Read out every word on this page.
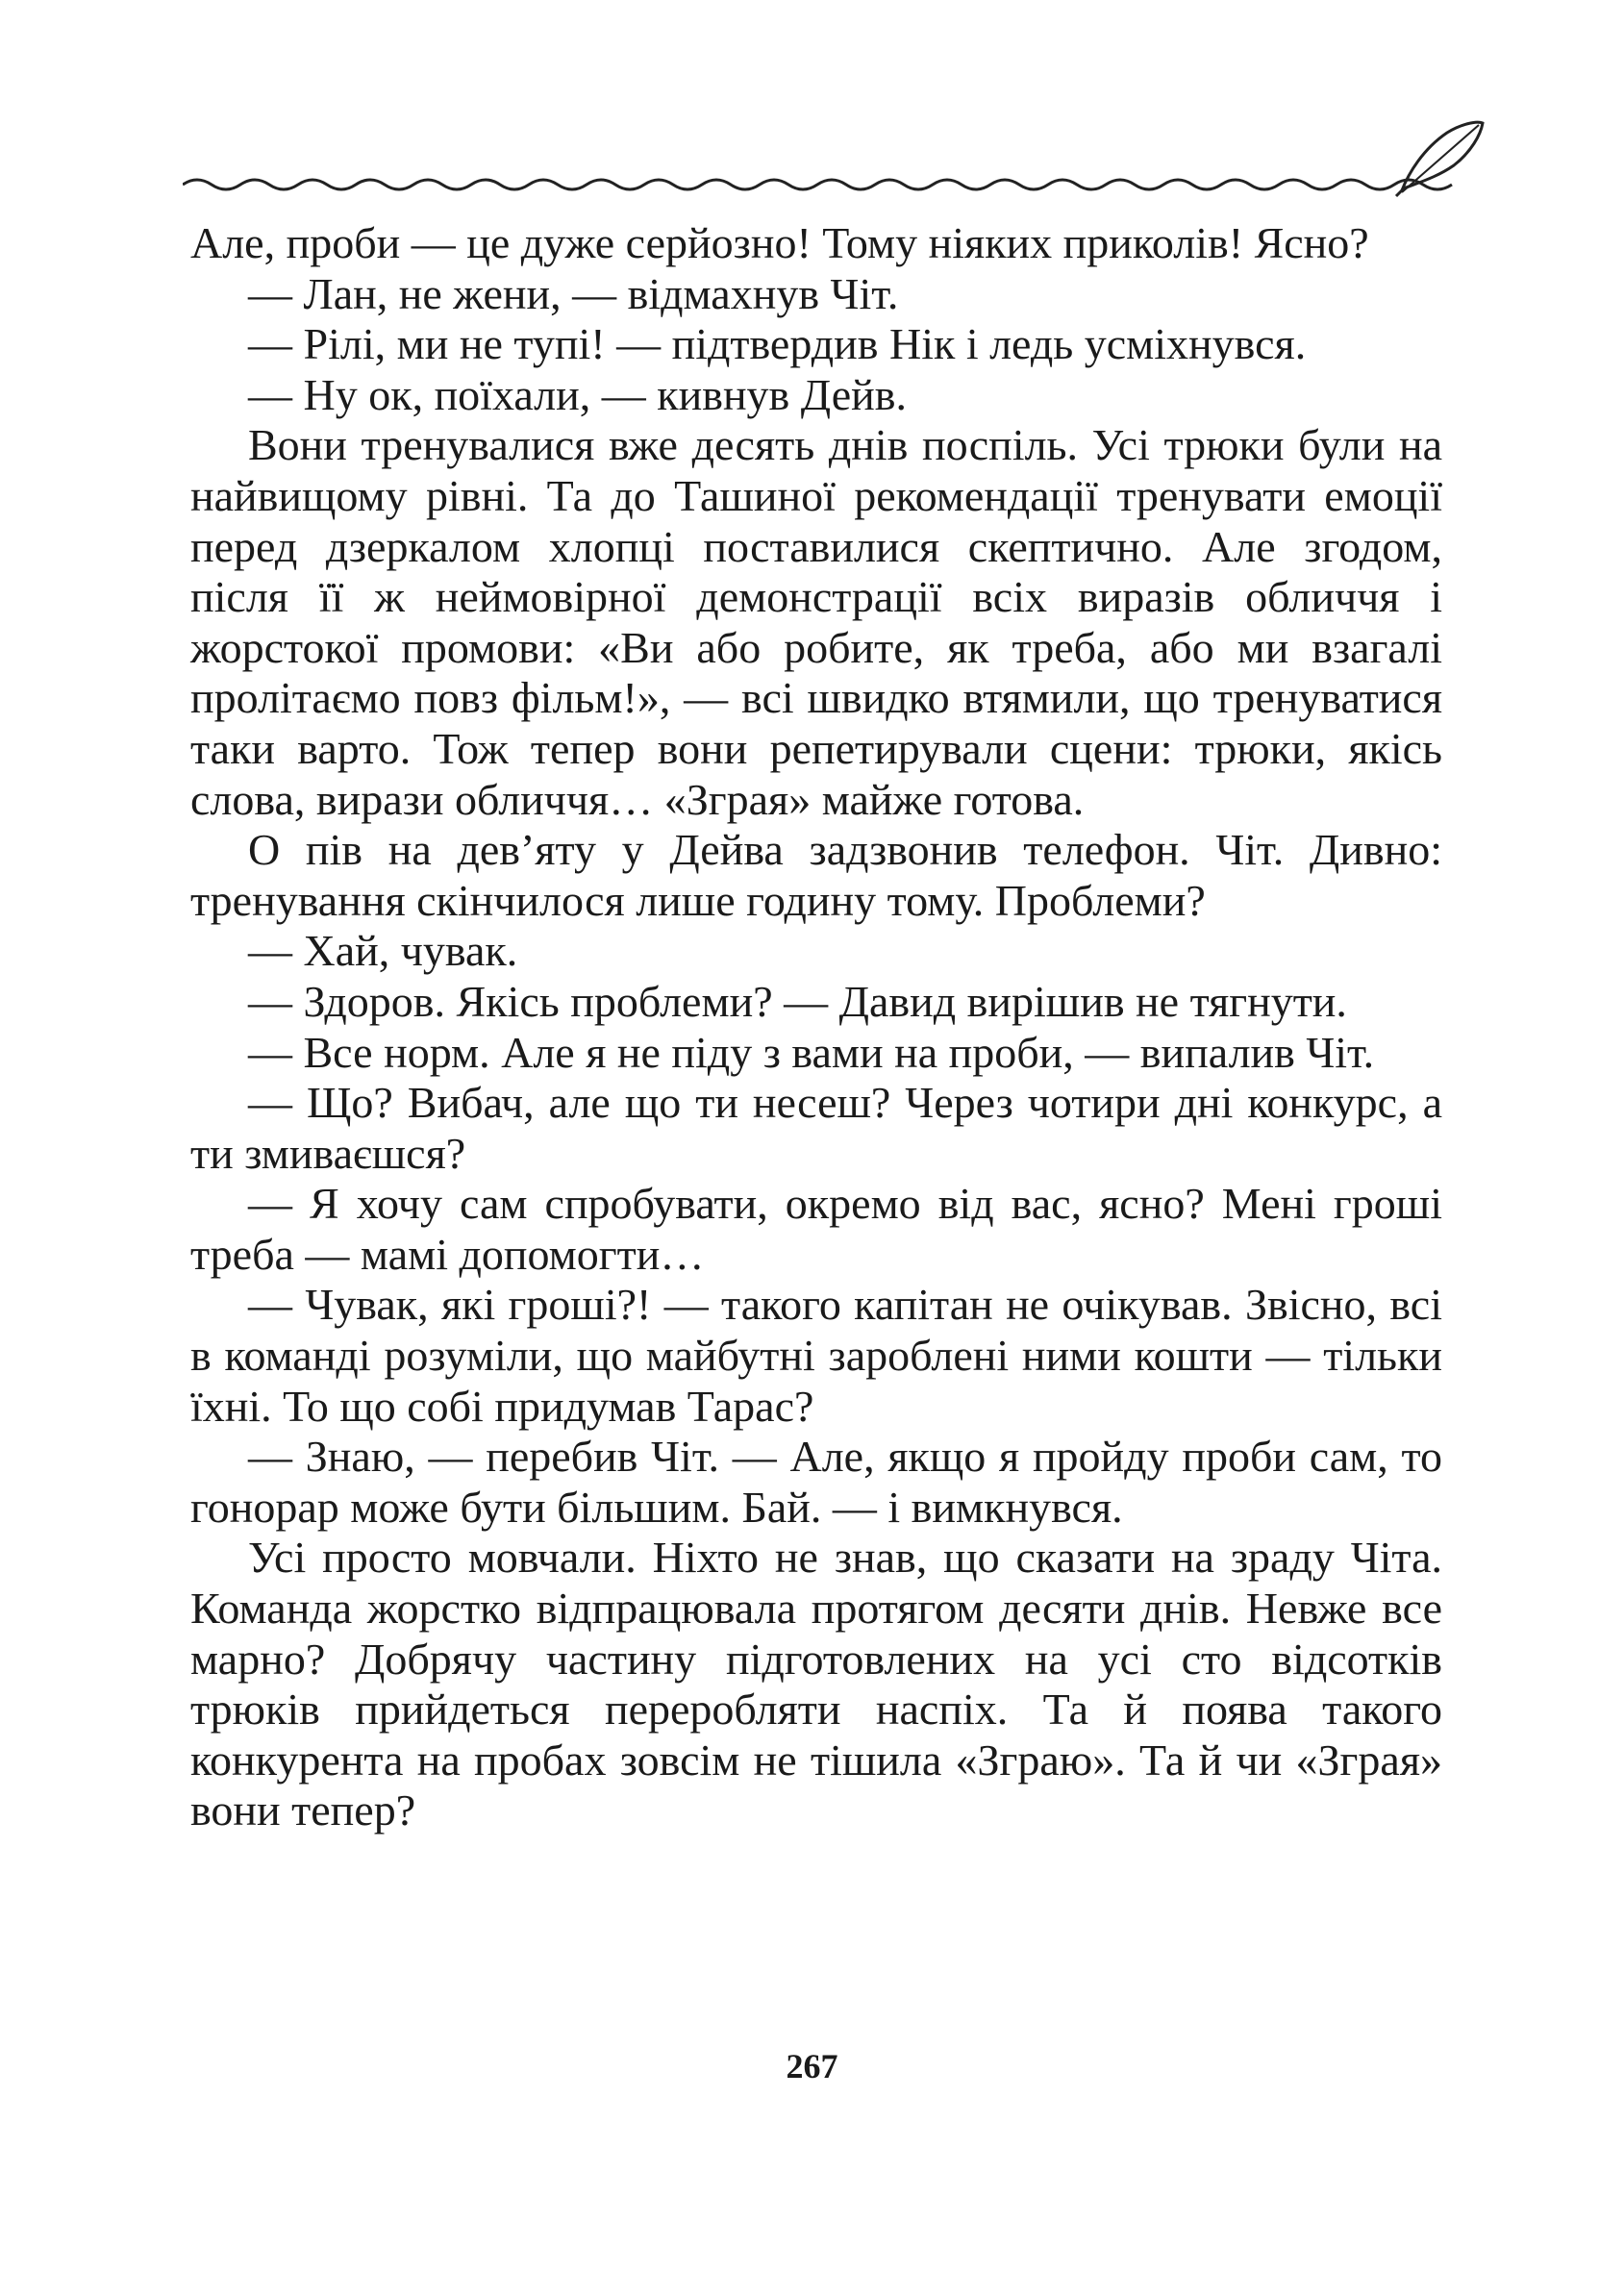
Але, проби — це дуже серйозно! Тому ніяких приколів! Ясно?

— Лан, не жени, — відмахнув Чіт.

— Рілі, ми не тупі! — підтвердив Нік і ледь усміхнувся.

— Ну ок, поїхали, — кивнув Дейв.

Вони тренувалися вже десять днів поспіль. Усі трюки були на найвищому рівні. Та до Ташиної рекомендації тренувати емоції перед дзеркалом хлопці поставилися скептично. Але згодом, після її ж неймовірної демонстрації всіх виразів обличчя і жорстокої промови: «Ви або робите, як треба, або ми взагалі пролітаємо повз фільм!», — всі швидко втямили, що тренуватися таки варто. Тож тепер вони репетирували сцени: трюки, якісь слова, вирази обличчя… «Зграя» майже готова.

О пів на дев’яту у Дейва задзвонив телефон. Чіт. Дивно: тренування скінчилося лише годину тому. Проблеми?

— Хай, чувак.

— Здоров. Якісь проблеми? — Давид вирішив не тягнути.

— Все норм. Але я не піду з вами на проби, — випалив Чіт.

— Що? Вибач, але що ти несеш? Через чотири дні конкурс, а ти змиваєшся?

— Я хочу сам спробувати, окремо від вас, ясно? Мені гроші треба — мамі допомогти…

— Чувак, які гроші?! — такого капітан не очікував. Звісно, всі в команді розуміли, що майбутні зароблені ними кошти — тільки їхні. То що собі придумав Тарас?

— Знаю, — перебив Чіт. — Але, якщо я пройду проби сам, то гонорар може бути більшим. Бай. — і вимкнувся.

Усі просто мовчали. Ніхто не знав, що сказати на зраду Чіта. Команда жорстко відпрацювала протягом десяти днів. Невже все марно? Добрячу частину підготовлених на усі сто відсотків трюків прийдеться переробляти наспіх. Та й поява такого конкурента на пробах зовсім не тішила «Зграю». Та й чи «Зграя» вони тепер?

267
